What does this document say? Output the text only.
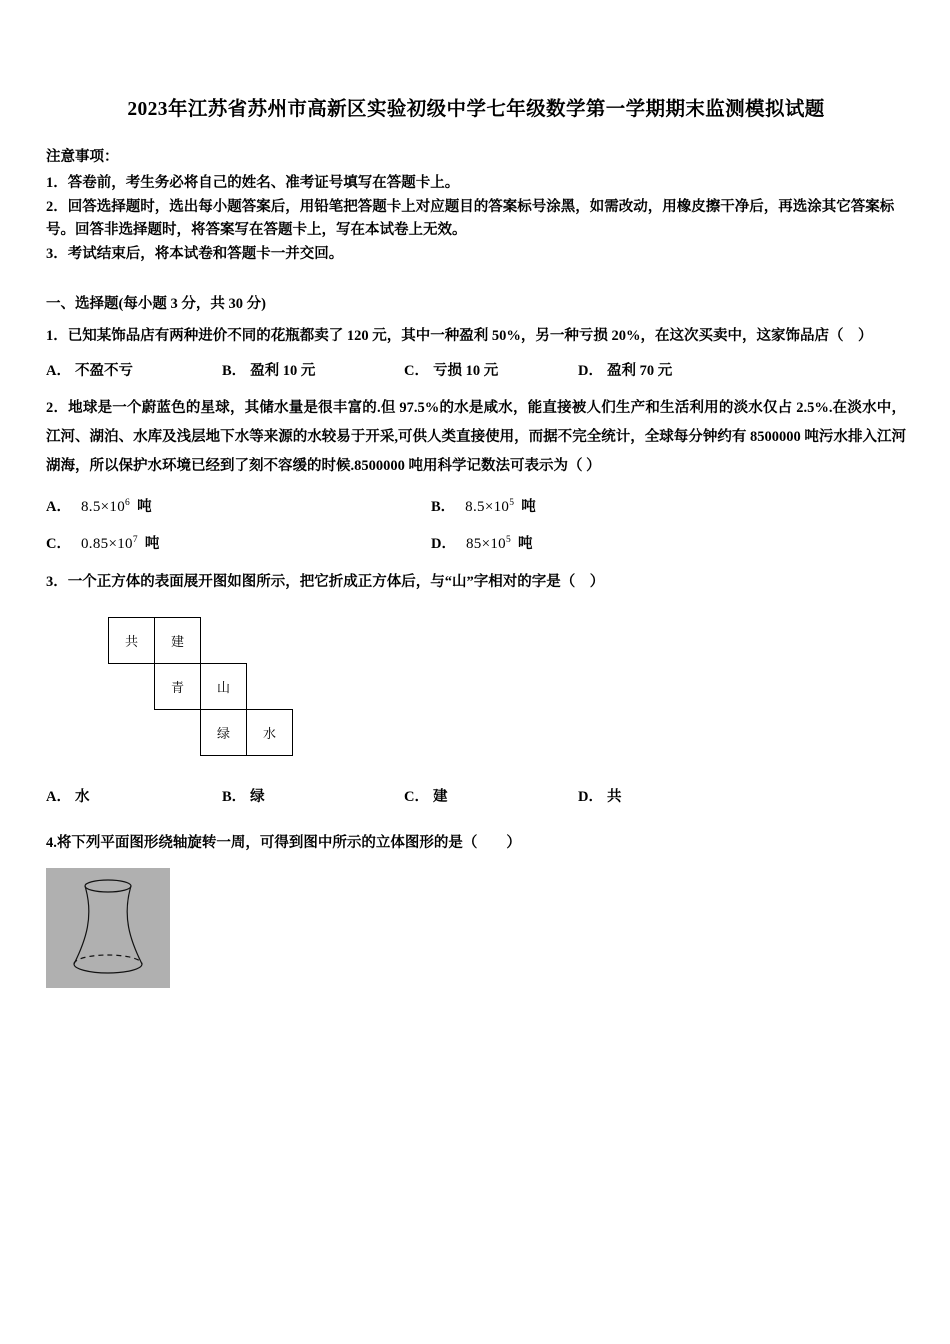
2023年江苏省苏州市高新区实验初级中学七年级数学第一学期期末监测模拟试题
注意事项：

1．答卷前，考生务必将自己的姓名、准考证号填写在答题卡上。

2．回答选择题时，选出每小题答案后，用铅笔把答题卡上对应题目的答案标号涂黑，如需改动，用橡皮擦干净后，再选涂其它答案标号。回答非选择题时，将答案写在答题卡上，写在本试卷上无效。

3．考试结束后，将本试卷和答题卡一并交回。

一、选择题(每小题 3 分，共 30 分)

1．已知某饰品店有两种进价不同的花瓶都卖了 120 元，其中一种盈利 50%，另一种亏损 20%，在这次买卖中，这家饰品店（　）

A． 不盈不亏	B． 盈利 10 元	C． 亏损 10 元	D． 盈利 70 元

2．地球是一个蔚蓝色的星球，其储水量是很丰富的.但 97.5%的水是咸水，能直接被人们生产和生活利用的淡水仅占 2.5%.在淡水中，江河、湖泊、水库及浅层地下水等来源的水较易于开采,可供人类直接使用，而据不完全统计，全球每分钟约有 8500000 吨污水排入江河湖海，所以保护水环境已经到了刻不容缓的时候.8500000 吨用科学记数法可表示为（ ）

A． $8.5\times 10^6$ 吨	B． $8.5\times 10^5$ 吨
C． $0.85\times 10^7$ 吨	D． $85\times 10^5$ 吨

3．一个正方体的表面展开图如图所示，把它折成正方体后，与“山”字相对的字是（　）

共	建
青	山
绿	水
A． 水	B． 绿	C． 建	D． 共

4.将下列平面图形绕轴旋转一周，可得到图中所示的立体图形的是（　　）
